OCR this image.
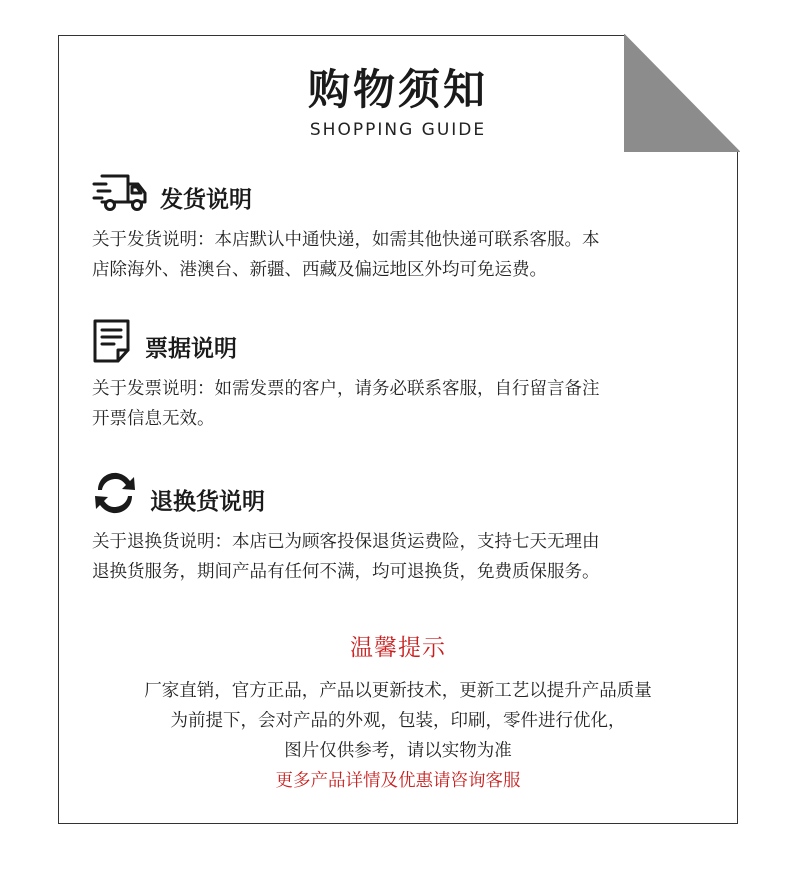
购物须知
SHOPPING GUIDE
发货说明
关于发货说明：本店默认中通快递，如需其他快递可联系客服。本
店除海外、港澳台、新疆、西藏及偏远地区外均可免运费。
票据说明
关于发票说明：如需发票的客户，请务必联系客服，自行留言备注
开票信息无效。
退换货说明
关于退换货说明：本店已为顾客投保退货运费险，支持七天无理由
退换货服务，期间产品有任何不满，均可退换货，免费质保服务。
温馨提示
厂家直销，官方正品，产品以更新技术，更新工艺以提升产品质量
为前提下，会对产品的外观，包装，印刷，零件进行优化，
图片仅供参考，请以实物为准
更多产品详情及优惠请咨询客服
